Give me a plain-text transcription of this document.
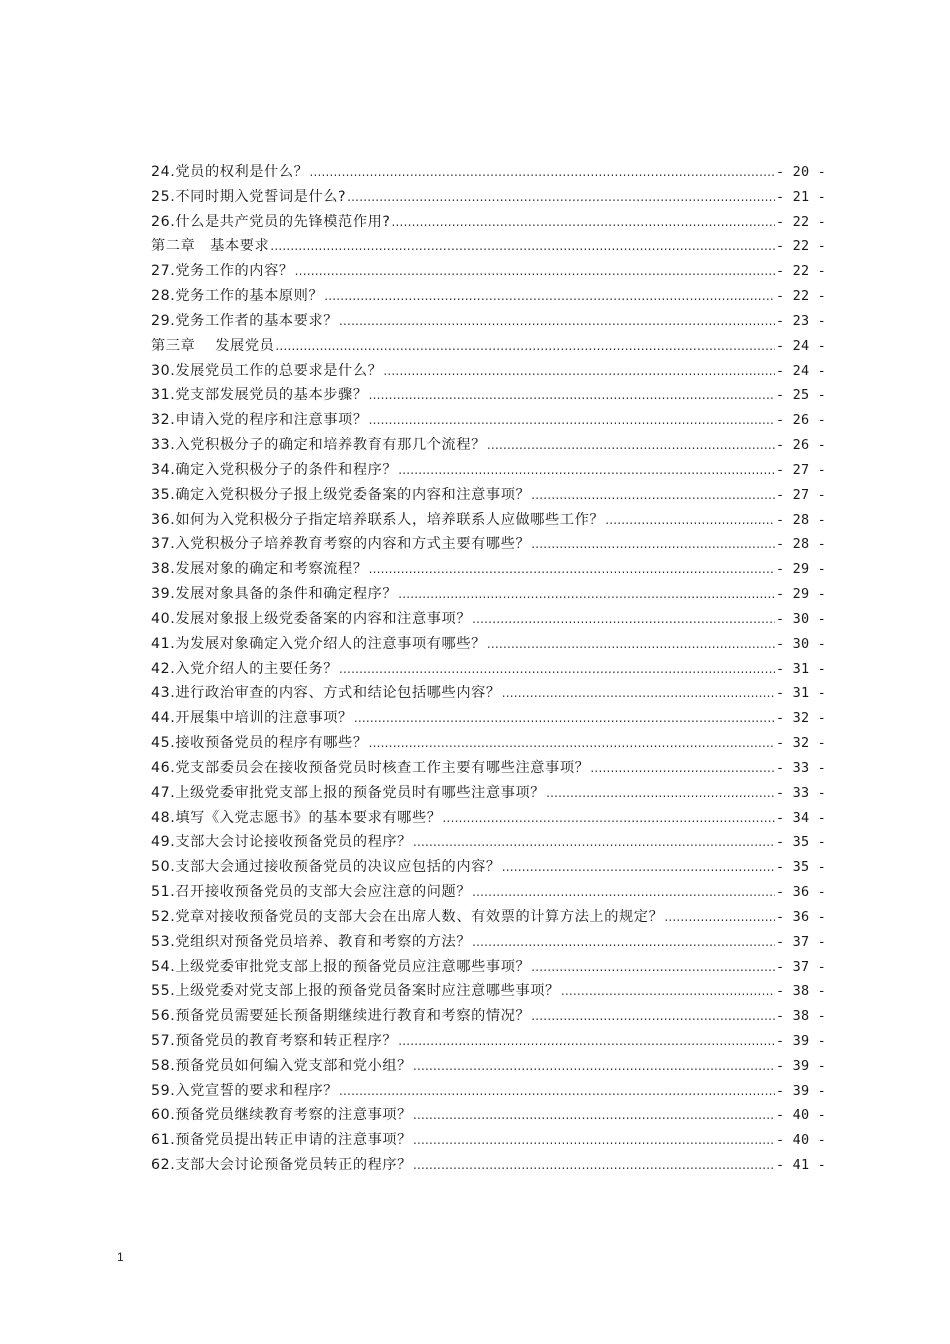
24.党员的权利是什么？ .....	- 20 -
25.不同时期入党誓词是什么? .....	- 21 -
26.什么是共产党员的先锋模范作用? .....	- 22 -
第二章　基本要求 .....	- 22 -
27.党务工作的内容？ .....	- 22 -
28.党务工作的基本原则？ .....	- 22 -
29.党务工作者的基本要求？ .....	- 23 -
第三章　 发展党员 .....	- 24 -
30.发展党员工作的总要求是什么？ .....	- 24 -
31.党支部发展党员的基本步骤？ .....	- 25 -
32.申请入党的程序和注意事项？ .....	- 26 -
33.入党积极分子的确定和培养教育有那几个流程？ .....	- 26 -
34.确定入党积极分子的条件和程序？ .....	- 27 -
35.确定入党积极分子报上级党委备案的内容和注意事项？ .....	- 27 -
36.如何为入党积极分子指定培养联系人，培养联系人应做哪些工作？ .....	- 28 -
37.入党积极分子培养教育考察的内容和方式主要有哪些？ .....	- 28 -
38.发展对象的确定和考察流程？ .....	- 29 -
39.发展对象具备的条件和确定程序？ .....	- 29 -
40.发展对象报上级党委备案的内容和注意事项？ .....	- 30 -
41.为发展对象确定入党介绍人的注意事项有哪些？ .....	- 30 -
42.入党介绍人的主要任务？ .....	- 31 -
43.进行政治审查的内容、方式和结论包括哪些内容？ .....	- 31 -
44.开展集中培训的注意事项？ .....	- 32 -
45.接收预备党员的程序有哪些？ .....	- 32 -
46.党支部委员会在接收预备党员时核查工作主要有哪些注意事项？ .....	- 33 -
47.上级党委审批党支部上报的预备党员时有哪些注意事项？ .....	- 33 -
48.填写《入党志愿书》的基本要求有哪些？ .....	- 34 -
49.支部大会讨论接收预备党员的程序？ .....	- 35 -
50.支部大会通过接收预备党员的决议应包括的内容？ .....	- 35 -
51.召开接收预备党员的支部大会应注意的问题？ .....	- 36 -
52.党章对接收预备党员的支部大会在出席人数、有效票的计算方法上的规定？ .....	- 36 -
53.党组织对预备党员培养、教育和考察的方法？ .....	- 37 -
54.上级党委审批党支部上报的预备党员应注意哪些事项？ .....	- 37 -
55.上级党委对党支部上报的预备党员备案时应注意哪些事项？ .....	- 38 -
56.预备党员需要延长预备期继续进行教育和考察的情况？ .....	- 38 -
57.预备党员的教育考察和转正程序？ .....	- 39 -
58.预备党员如何编入党支部和党小组？ .....	- 39 -
59.入党宣誓的要求和程序？ .....	- 39 -
60.预备党员继续教育考察的注意事项？ .....	- 40 -
61.预备党员提出转正申请的注意事项？ .....	- 40 -
62.支部大会讨论预备党员转正的程序？ .....	- 41 -
1
